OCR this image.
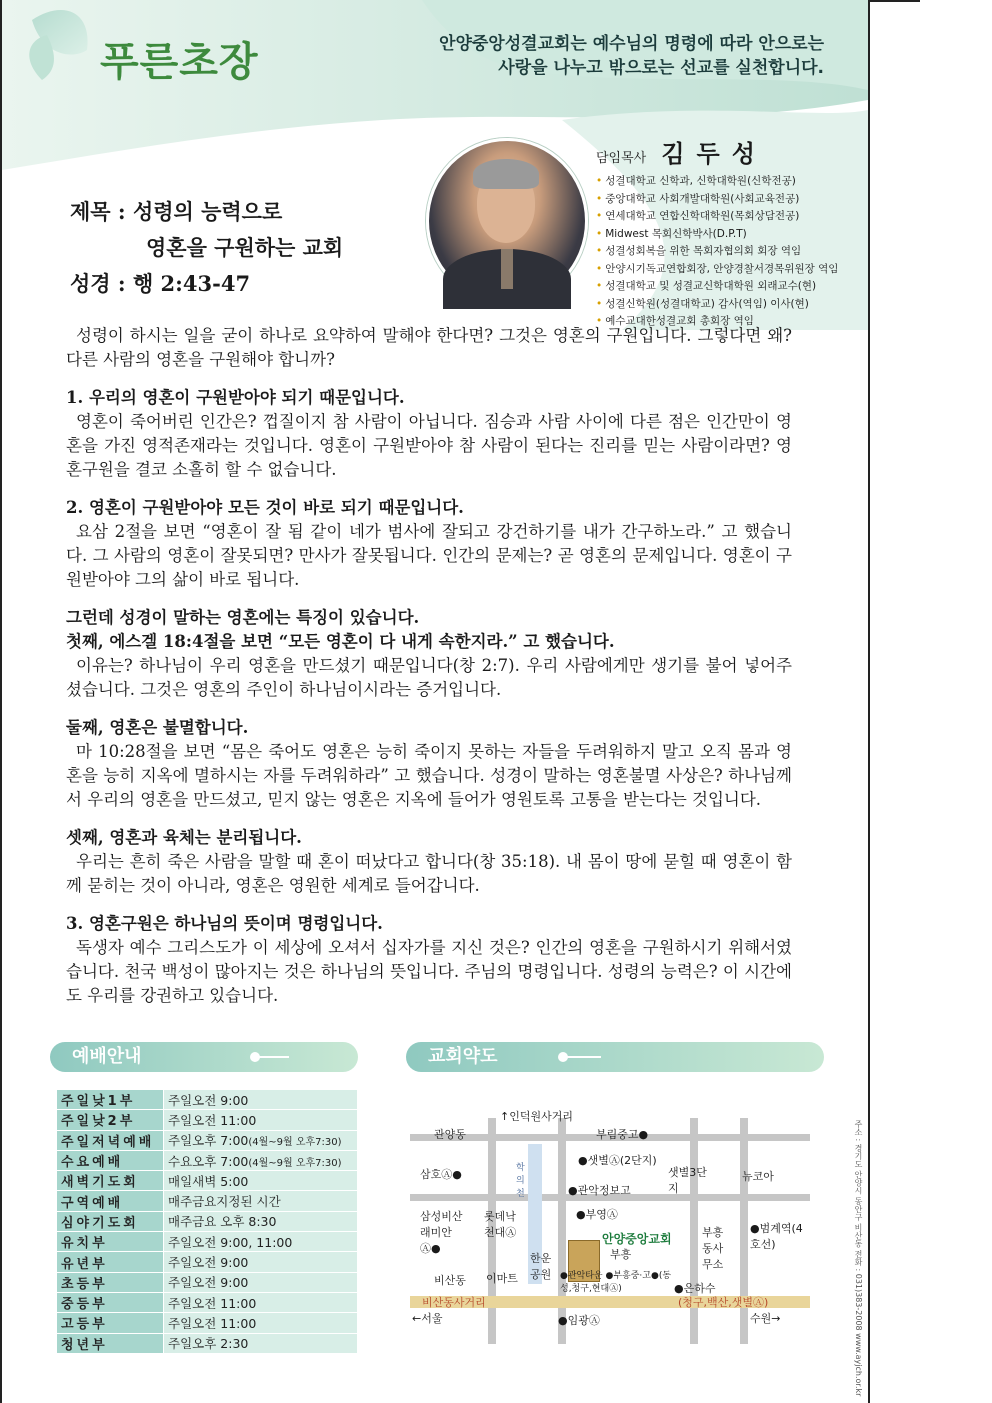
푸른초장	안양중앙성결교회는 예수님의 명령에 따라 안으로는
사랑을 나누고 밖으로는 선교를 실천합니다.
제목 : 성령의 능력으로
영혼을 구원하는 교회
성경 : 행 2:43-47
담임목사 김두성
• 성결대학교 신학과, 신학대학원(신학전공)
• 중앙대학교 사회개발대학원(사회교육전공)
• 연세대학교 연합신학대학원(목회상담전공)
• Midwest 목회신학박사(D.P.T)
• 성결성회복을 위한 목회자협의회 회장 역임
• 안양시기독교연합회장, 안양경찰서경목위원장 역임
• 성결대학교 및 성결교신학대학원 외래교수(현)
• 성결신학원(성결대학교) 감사(역임) 이사(현)
• 예수교대한성결교회 총회장 역임

성령이 하시는 일을 굳이 하나로 요약하여 말해야 한다면? 그것은 영혼의 구원입니다. 그렇다면 왜? 다른 사람의 영혼을 구원해야 합니까?

1. 우리의 영혼이 구원받아야 되기 때문입니다.

영혼이 죽어버린 인간은? 껍질이지 참 사람이 아닙니다. 짐승과 사람 사이에 다른 점은 인간만이 영혼을 가진 영적존재라는 것입니다. 영혼이 구원받아야 참 사람이 된다는 진리를 믿는 사람이라면? 영혼구원을 결코 소홀히 할 수 없습니다.

2. 영혼이 구원받아야 모든 것이 바로 되기 때문입니다.

요삼 2절을 보면 “영혼이 잘 됨 같이 네가 범사에 잘되고 강건하기를 내가 간구하노라.” 고 했습니다. 그 사람의 영혼이 잘못되면? 만사가 잘못됩니다. 인간의 문제는? 곧 영혼의 문제입니다. 영혼이 구원받아야 그의 삶이 바로 됩니다.

그런데 성경이 말하는 영혼에는 특징이 있습니다.

첫째, 에스겔 18:4절을 보면 “모든 영혼이 다 내게 속한지라.” 고 했습니다.

이유는? 하나님이 우리 영혼을 만드셨기 때문입니다(창 2:7). 우리 사람에게만 생기를 불어 넣어주셨습니다. 그것은 영혼의 주인이 하나님이시라는 증거입니다.

둘째, 영혼은 불멸합니다.

마 10:28절을 보면 “몸은 죽어도 영혼은 능히 죽이지 못하는 자들을 두려워하지 말고 오직 몸과 영혼을 능히 지옥에 멸하시는 자를 두려워하라” 고 했습니다. 성경이 말하는 영혼불멸 사상은? 하나님께서 우리의 영혼을 만드셨고, 믿지 않는 영혼은 지옥에 들어가 영원토록 고통을 받는다는 것입니다.

셋째, 영혼과 육체는 분리됩니다.

우리는 흔히 죽은 사람을 말할 때 혼이 떠났다고 합니다(창 35:18). 내 몸이 땅에 묻힐 때 영혼이 함께 묻히는 것이 아니라, 영혼은 영원한 세계로 들어갑니다.

3. 영혼구원은 하나님의 뜻이며 명령입니다.

독생자 예수 그리스도가 이 세상에 오셔서 십자가를 지신 것은? 인간의 영혼을 구원하시기 위해서였습니다. 천국 백성이 많아지는 것은 하나님의 뜻입니다. 주님의 명령입니다. 성령의 능력은? 이 시간에도 우리를 강권하고 있습니다.

예배안내
주일낮1부	주일오전 9:00
주일낮2부	주일오전 11:00
주일저녁예배	주일오후 7:00(4월~9월 오후7:30)
수요예배	수요오후 7:00(4월~9월 오후7:30)
새벽기도회	매일새벽 5:00
구역예배	매주금요지정된 시간
심야기도회	매주금요 오후 8:30
유치부	주일오전 9:00, 11:00
유년부	주일오전 9:00
초등부	주일오전 9:00
중등부	주일오전 11:00
고등부	주일오전 11:00
청년부	주일오후 2:30
교회약도
↑인덕원사거리
관양동	부림중고●
삼호Ⓐ●	학의천
●샛별Ⓐ(2단지)
샛별3단지
뉴코아
●관악정보고
삼성비산래미안Ⓐ●
롯데낙천대Ⓐ
●부영Ⓐ
안양중앙교회
부흥
부흥동사무소
●범계역(4호선)
한운공원
비산동 이마트	●관악타운 ●부흥중·고●(동성,청구,현대Ⓐ)	●은하수
비산동사거리	(청구,백산,샛별Ⓐ)
←서울	●임광Ⓐ	수원→	주소 : 경기도 안양시 동안구 비산동 전화 : 031)383-2008 www.ayjch.or.kr
